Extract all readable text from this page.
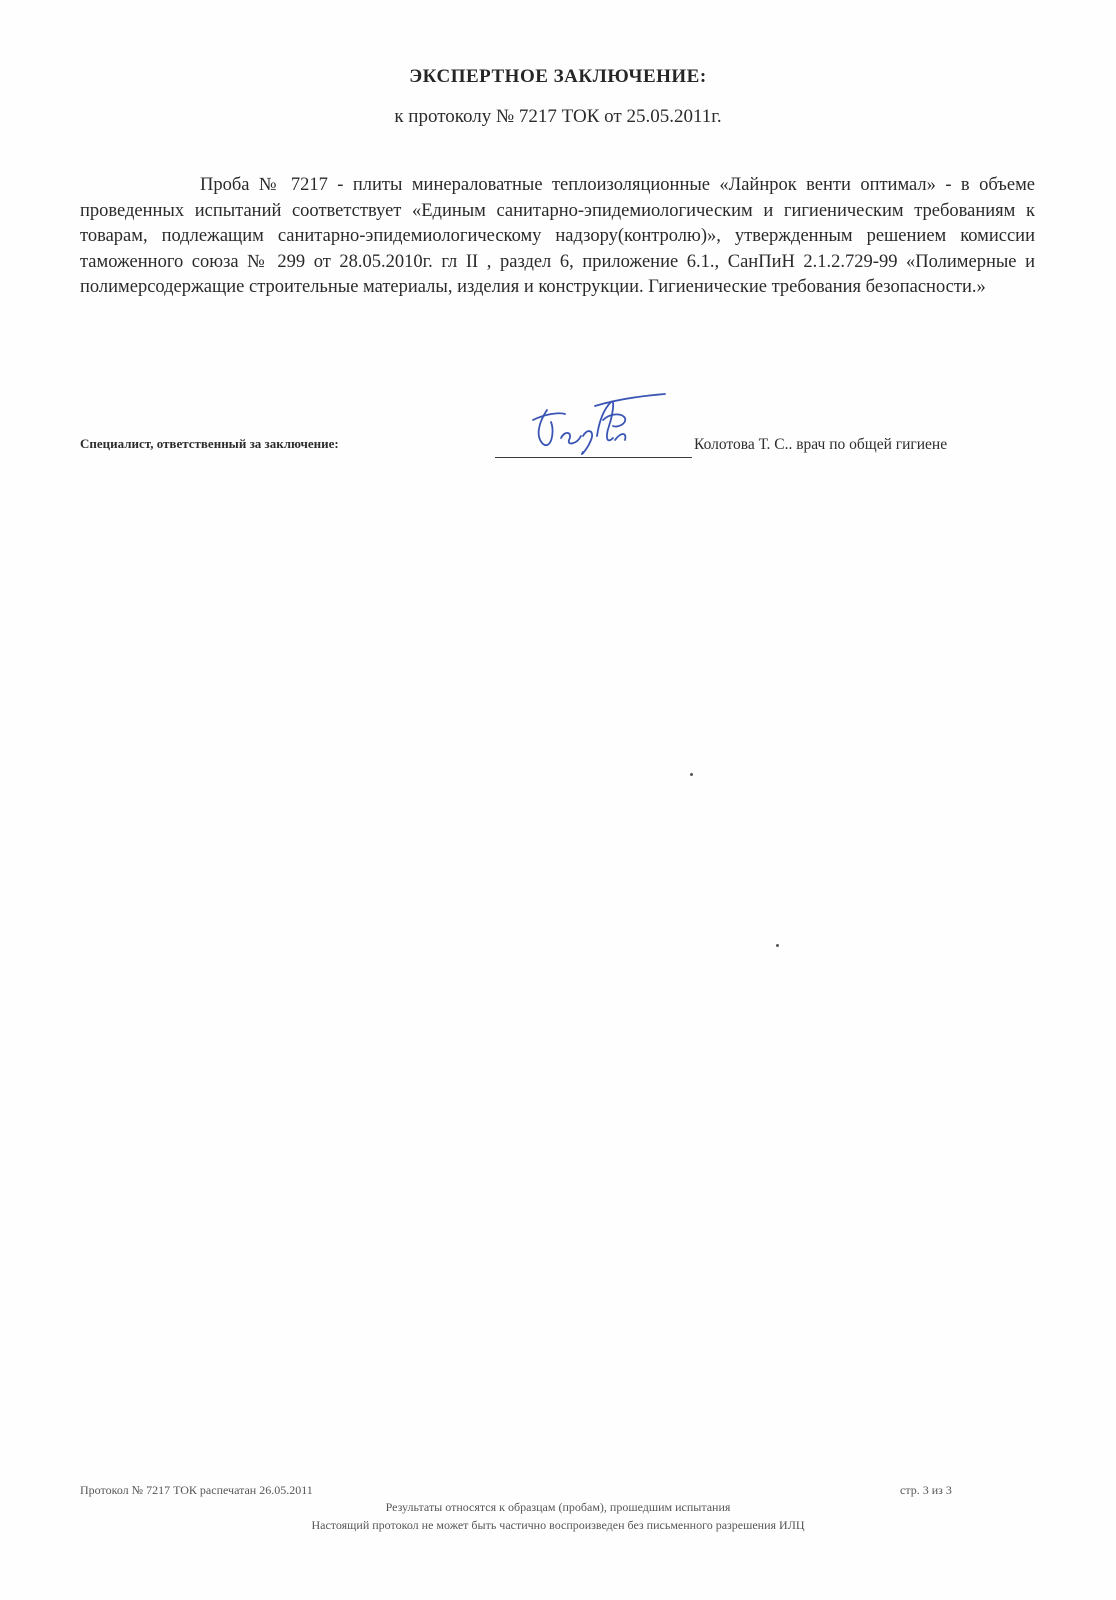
ЭКСПЕРТНОЕ ЗАКЛЮЧЕНИЕ:
к протоколу № 7217 ТОК от 25.05.2011г.
Проба № 7217 - плиты минераловатные теплоизоляционные «Лайнрок венти оптимал» - в объеме проведенных испытаний соответствует «Единым санитарно-эпидемиологическим и гигиеническим требованиям к товарам, подлежащим санитарно-эпидемиологическому надзору(контролю)», утвержденным решением комиссии таможенного союза № 299 от 28.05.2010г. гл II , раздел 6, приложение 6.1., СанПиН 2.1.2.729-99 «Полимерные и полимерсодержащие строительные материалы, изделия и конструкции. Гигиенические требования безопасности.»
Специалист, ответственный за заключение:	Колотова Т. С.. врач по общей гигиене
Протокол № 7217 ТОК распечатан 26.05.2011	стр. 3 из 3
Результаты относятся к образцам (пробам), прошедшим испытания
Настоящий протокол не может быть частично воспроизведен без письменного разрешения ИЛЦ
